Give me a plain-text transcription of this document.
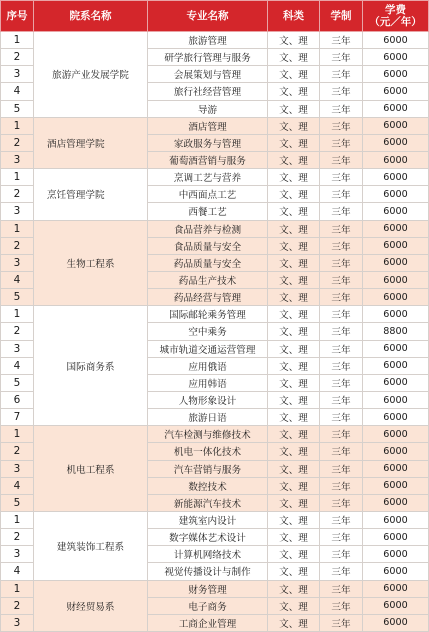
序号	院系名称	专业名称	科类	学制	学费
（元／年）
1	旅游产业发展学院	旅游管理	文、理	三年	6000
2		研学旅行管理与服务	文、理	三年	6000
3		会展策划与管理	文、理	三年	6000
4		旅行社经营管理	文、理	三年	6000
5		导游	文、理	三年	6000
1	酒店管理学院	酒店管理	文、理	三年	6000
2		家政服务与管理	文、理	三年	6000
3		葡萄酒营销与服务	文、理	三年	6000
1	烹饪管理学院	烹调工艺与营养	文、理	三年	6000
2		中西面点工艺	文、理	三年	6000
3		西餐工艺	文、理	三年	6000
1	生物工程系	食品营养与检测	文、理	三年	6000
2		食品质量与安全	文、理	三年	6000
3		药品质量与安全	文、理	三年	6000
4		药品生产技术	文、理	三年	6000
5		药品经营与管理	文、理	三年	6000
1	国际商务系	国际邮轮乘务管理	文、理	三年	6000
2		空中乘务	文、理	三年	8800
3		城市轨道交通运营管理	文、理	三年	6000
4		应用俄语	文、理	三年	6000
5		应用韩语	文、理	三年	6000
6		人物形象设计	文、理	三年	6000
7		旅游日语	文、理	三年	6000
1	机电工程系	汽车检测与维修技术	文、理	三年	6000
2		机电一体化技术	文、理	三年	6000
3		汽车营销与服务	文、理	三年	6000
4		数控技术	文、理	三年	6000
5		新能源汽车技术	文、理	三年	6000
1	建筑装饰工程系	建筑室内设计	文、理	三年	6000
2		数字媒体艺术设计	文、理	三年	6000
3		计算机网络技术	文、理	三年	6000
4		视觉传播设计与制作	文、理	三年	6000
1	财经贸易系	财务管理	文、理	三年	6000
2		电子商务	文、理	三年	6000
3		工商企业管理	文、理	三年	6000
